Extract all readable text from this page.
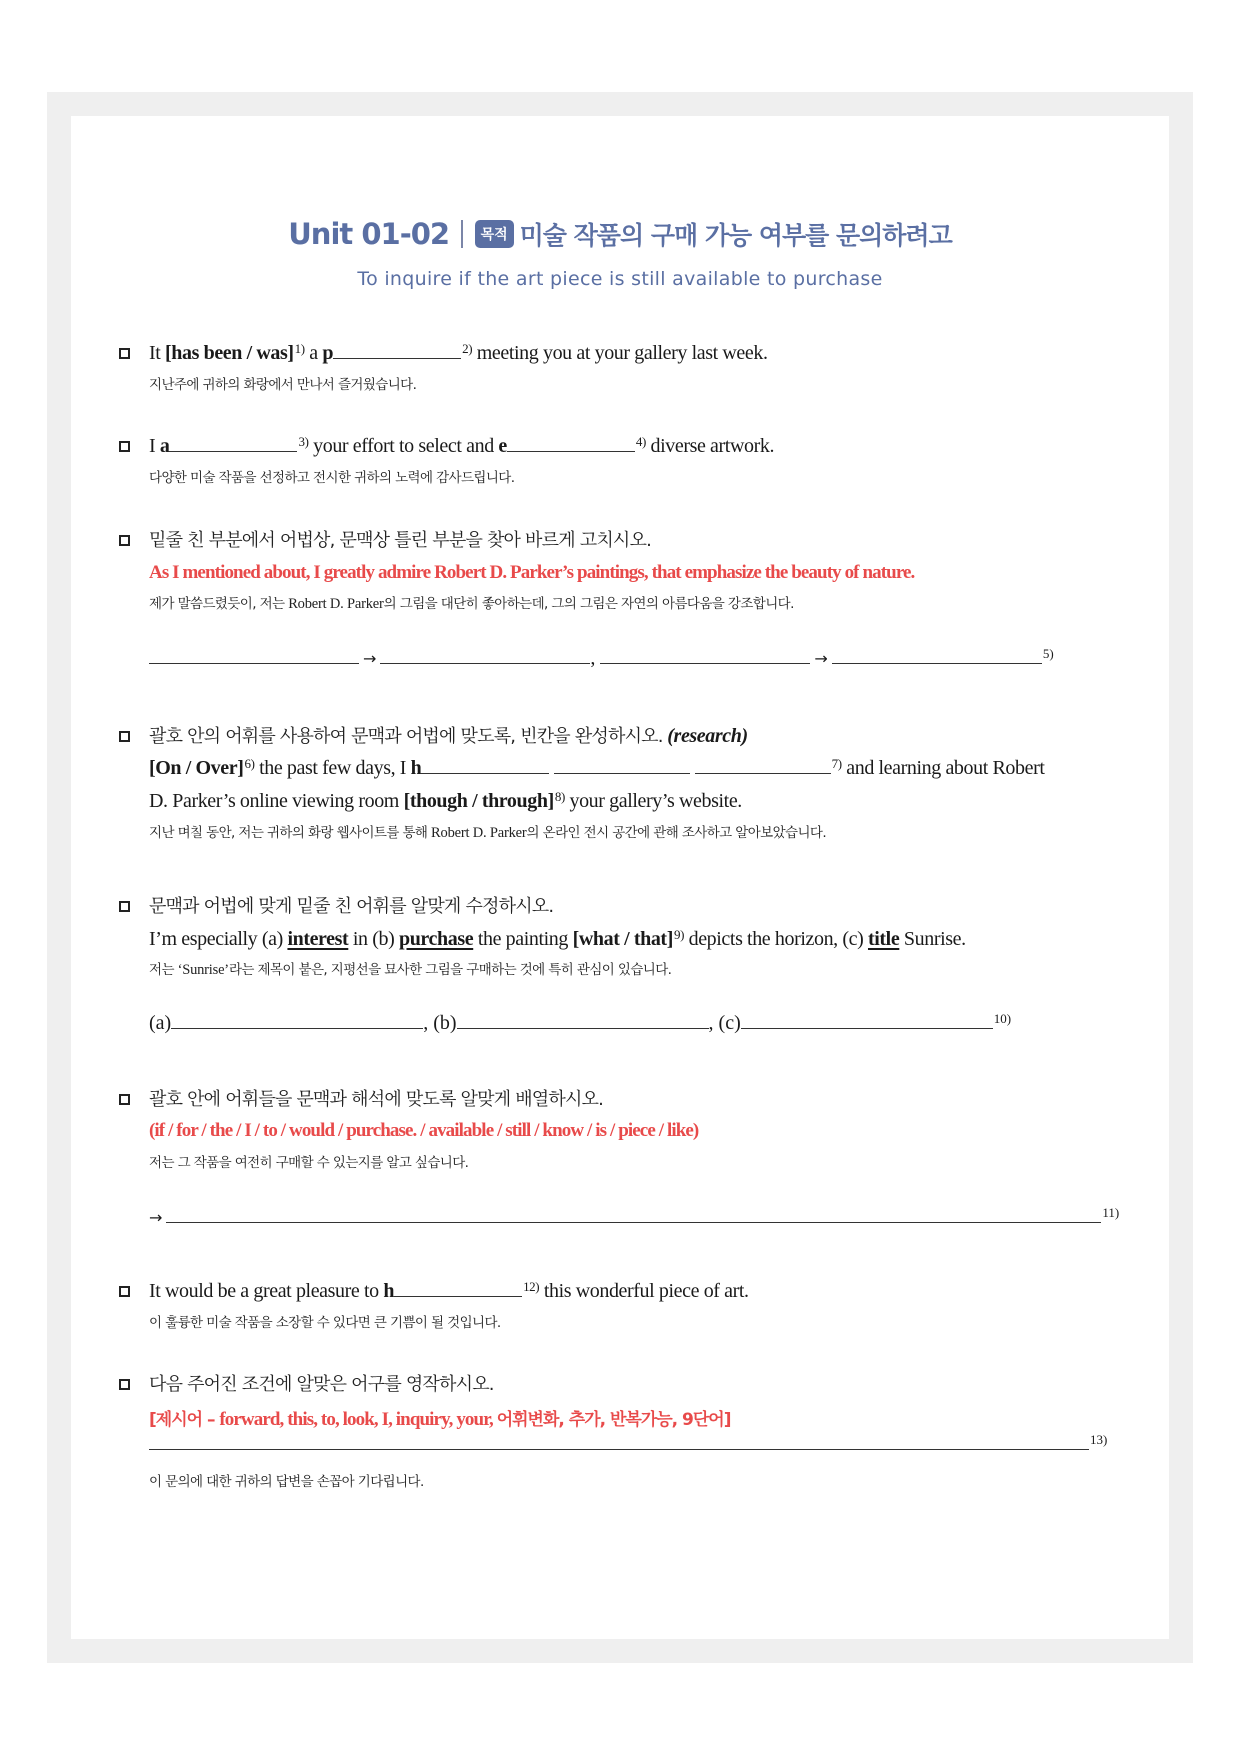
Unit 01-02 목적 미술 작품의 구매 가능 여부를 문의하려고
To inquire if the art piece is still available to purchase
It [has been / was]$^{1)}$ a p	$^{2)}$ meeting you at your gallery last week.
지난주에 귀하의 화랑에서 만나서 즐거웠습니다.
I a	$^{3)}$ your effort to select and e	$^{4)}$ diverse artwork.
다양한 미술 작품을 선정하고 전시한 귀하의 노력에 감사드립니다.
밑줄 친 부분에서 어법상, 문맥상 틀린 부분을 찾아 바르게 고치시오.
As I mentioned about, I greatly admire Robert D. Parker’s paintings, that emphasize the beauty of nature.
제가 말씀드렸듯이, 저는 Robert D. Parker의 그림을 대단히 좋아하는데, 그의 그림은 자연의 아름다움을 강조합니다.
→	,	→	$^{5)}$
괄호 안의 어휘를 사용하여 문맥과 어법에 맞도록, 빈칸을 완성하시오. (research)
[On / Over]$^{6)}$ the past few days, I h	$^{7)}$ and learning about Robert
D. Parker’s online viewing room [though / through]$^{8)}$ your gallery’s website.
지난 며칠 동안, 저는 귀하의 화랑 웹사이트를 통해 Robert D. Parker의 온라인 전시 공간에 관해 조사하고 알아보았습니다.
문맥과 어법에 맞게 밑줄 친 어휘를 알맞게 수정하시오.
I’m especially (a) interest in (b) purchase the painting [what / that]$^{9)}$ depicts the horizon, (c) title Sunrise.
저는 ‘Sunrise’라는 제목이 붙은, 지평선을 묘사한 그림을 구매하는 것에 특히 관심이 있습니다.
(a)	, (b)	, (c)	$^{10)}$
괄호 안에 어휘들을 문맥과 해석에 맞도록 알맞게 배열하시오.
(if / for / the / I / to / would / purchase. / available / still / know / is / piece / like)
저는 그 작품을 여전히 구매할 수 있는지를 알고 싶습니다.
→	$^{11)}$
It would be a great pleasure to h	$^{12)}$ this wonderful piece of art.
이 훌륭한 미술 작품을 소장할 수 있다면 큰 기쁨이 될 것입니다.
다음 주어진 조건에 알맞은 어구를 영작하시오.
[제시어 – forward, this, to, look, I, inquiry, your, 어휘변화, 추가, 반복가능, 9단어]
$^{13)}$
이 문의에 대한 귀하의 답변을 손꼽아 기다립니다.
